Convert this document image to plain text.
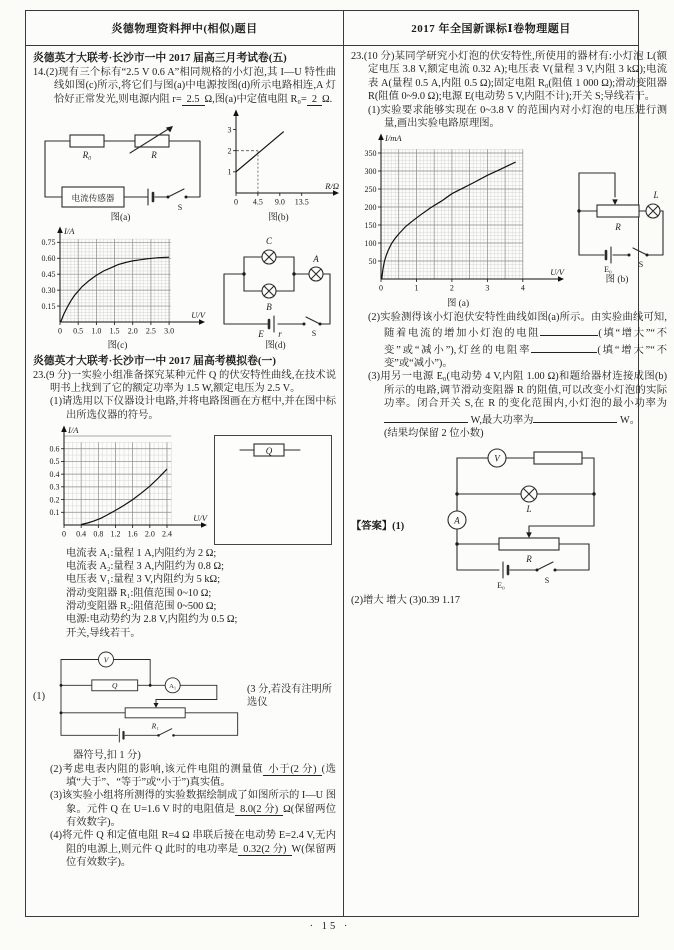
炎德物理资料押中(相似)题目	2017 年全国新课标Ⅰ卷物理题目
炎德英才大联考·长沙市一中 2017 届高三月考试卷(五)
14.(2)现有三个标有“2.5 V 0.6 A”相同规格的小灯泡,其 I—U 特性曲线如图(c)所示,将它们与图(a)中电源按图(d)所示电路相连,A 灯恰好正常发光,则电源内阻 r= 2.5 Ω,图(a)中定值电阻 R₀= 2 Ω.
R₀	R
电流传感器
S
图(a)
0 4.5 9.0 13.5
1
2
3
R/Ω
图(b)
0 0.5 1.0 1.5 2.0 2.5 3.0
0.15
0.30
0.45
0.60
0.75
I/A
U/V
图(c)
C
B
A
E r	S
图(d)
炎德英才大联考·长沙市一中 2017 届高考模拟卷(一)
23.(9 分)一实验小组准备探究某种元件 Q 的伏安特性曲线,在技术说明书上找到了它的额定功率为 1.5 W,额定电压为 2.5 V。
(1)请选用以下仪器设计电路,并将电路图画在方框中,并在图中标出所选仪器的符号。
0 0.4 0.8 1.2 1.6 2.0 2.4
0.1
0.2
0.3
0.4
0.5
0.6
I/A
U/V
Q
电流表 A₁:量程 1 A,内阻约为 2 Ω;
电流表 A₂:量程 3 A,内阻约为 0.8 Ω;
电压表 V₁:量程 3 V,内阻约为 5 kΩ;
滑动变阻器 R₁:阻值范围 0~10 Ω;
滑动变阻器 R₂:阻值范围 0~500 Ω;
电源:电动势约为 2.8 V,内阻约为 0.5 Ω;
开关,导线若干。
(1)
V
Q	A₁
R₁
(3 分,若没有注明所选仪
器符号,扣 1 分)
(2)考虑电表内阻的影响,该元件电阻的测量值 小于(2 分) (选填“大于”、“等于”或“小于”)真实值。
(3)该实验小组将所测得的实验数据绘制成了如图所示的 I—U 图象。元件 Q 在 U=1.6 V 时的电阻值是 8.0(2 分) Ω(保留两位有效数字)。
(4)将元件 Q 和定值电阻 R=4 Ω 串联后接在电动势 E=2.4 V,无内阻的电源上,则元件 Q 此时的电功率是 0.32(2 分) W(保留两位有效数字)。
23.(10 分)某同学研究小灯泡的伏安特性,所使用的器材有:小灯泡 L(额定电压 3.8 V,额定电流 0.32 A);电压表 V(量程 3 V,内阻 3 kΩ);电流表 A(量程 0.5 A,内阻 0.5 Ω);固定电阻 R₀(阻值 1 000 Ω);滑动变阻器 R(阻值 0~9.0 Ω);电源 E(电动势 5 V,内阻不计);开关 S;导线若干。
(1)实验要求能够实现在 0~3.8 V 的范围内对小灯泡的电压进行测量,画出实验电路原理图。
0	1	2	3	4
50
100
150
200
250
300
350
I/mA
U/V
图 (a)
R
L
E₀
S
图 (b)
(2)实验测得该小灯泡伏安特性曲线如图(a)所示。由实验曲线可知,随着电流的增加小灯泡的电阻	(填“增大”“不变”或“减小”),灯丝的电阻率	(填“增大”“不变”或“减小”)。
(3)用另一电源 E₀(电动势 4 V,内阻 1.00 Ω)和题给器材连接成图(b)所示的电路,调节滑动变阻器 R 的阻值,可以改变小灯泡的实际功率。闭合开关 S,在 R 的变化范围内,小灯泡的最小功率为 W,最大功率为	W。
(结果均保留 2 位小数)
【答案】(1)
V
L
A
R
E₀
S
(2)增大 增大 (3)0.39 1.17
· 15 ·
